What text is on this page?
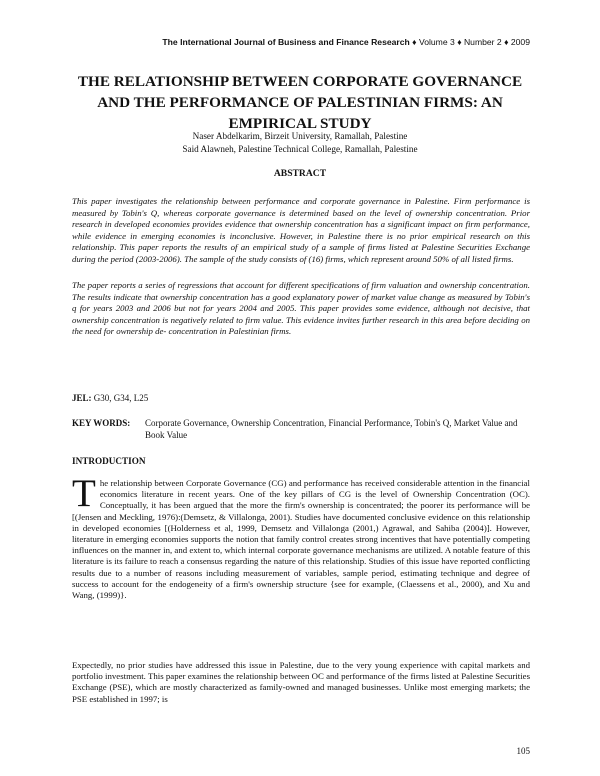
The International Journal of Business and Finance Research ♦ Volume 3 ♦ Number 2 ♦ 2009
THE RELATIONSHIP BETWEEN CORPORATE GOVERNANCE AND THE PERFORMANCE OF PALESTINIAN FIRMS: AN EMPIRICAL STUDY
Naser Abdelkarim, Birzeit University, Ramallah, Palestine
Said Alawneh, Palestine Technical College, Ramallah, Palestine
ABSTRACT
This paper investigates the relationship between performance and corporate governance in Palestine. Firm performance is measured by Tobin's Q, whereas corporate governance is determined based on the level of ownership concentration. Prior research in developed economies provides evidence that ownership concentration has a significant impact on firm performance, while evidence in emerging economies is inconclusive. However, in Palestine there is no prior empirical research on this relationship. This paper reports the results of an empirical study of a sample of firms listed at Palestine Securities Exchange during the period (2003-2006). The sample of the study consists of (16) firms, which represent around 50% of all listed firms.
The paper reports a series of regressions that account for different specifications of firm valuation and ownership concentration. The results indicate that ownership concentration has a good explanatory power of market value change as measured by Tobin's q for years 2003 and 2006 but not for years 2004 and 2005. This paper provides some evidence, although not decisive, that ownership concentration is negatively related to firm value. This evidence invites further research in this area before deciding on the need for ownership de- concentration in Palestinian firms.
JEL: G30, G34, L25
KEY WORDS: Corporate Governance, Ownership Concentration, Financial Performance, Tobin's Q, Market Value and Book Value
INTRODUCTION
The relationship between Corporate Governance (CG) and performance has received considerable attention in the financial economics literature in recent years. One of the key pillars of CG is the level of Ownership Concentration (OC). Conceptually, it has been argued that the more the firm's ownership is concentrated; the poorer its performance will be [(Jensen and Meckling, 1976):(Demsetz, & Villalonga, 2001). Studies have documented conclusive evidence on this relationship in developed economies [(Holderness et al, 1999, Demsetz and Villalonga (2001,) Agrawal, and Sahiba (2004)]. However, literature in emerging economies supports the notion that family control creates strong incentives that have potentially competing influences on the manner in, and extent to, which internal corporate governance mechanisms are utilized. A notable feature of this literature is its failure to reach a consensus regarding the nature of this relationship. Studies of this issue have reported conflicting results due to a number of reasons including measurement of variables, sample period, estimating technique and degree of success to account for the endogeneity of a firm's ownership structure {see for example, (Claessens et al., 2000), and Xu and Wang, (1999)}.
Expectedly, no prior studies have addressed this issue in Palestine, due to the very young experience with capital markets and portfolio investment. This paper examines the relationship between OC and performance of the firms listed at Palestine Securities Exchange (PSE), which are mostly characterized as family-owned and managed businesses. Unlike most emerging markets; the PSE established in 1997; is
105
